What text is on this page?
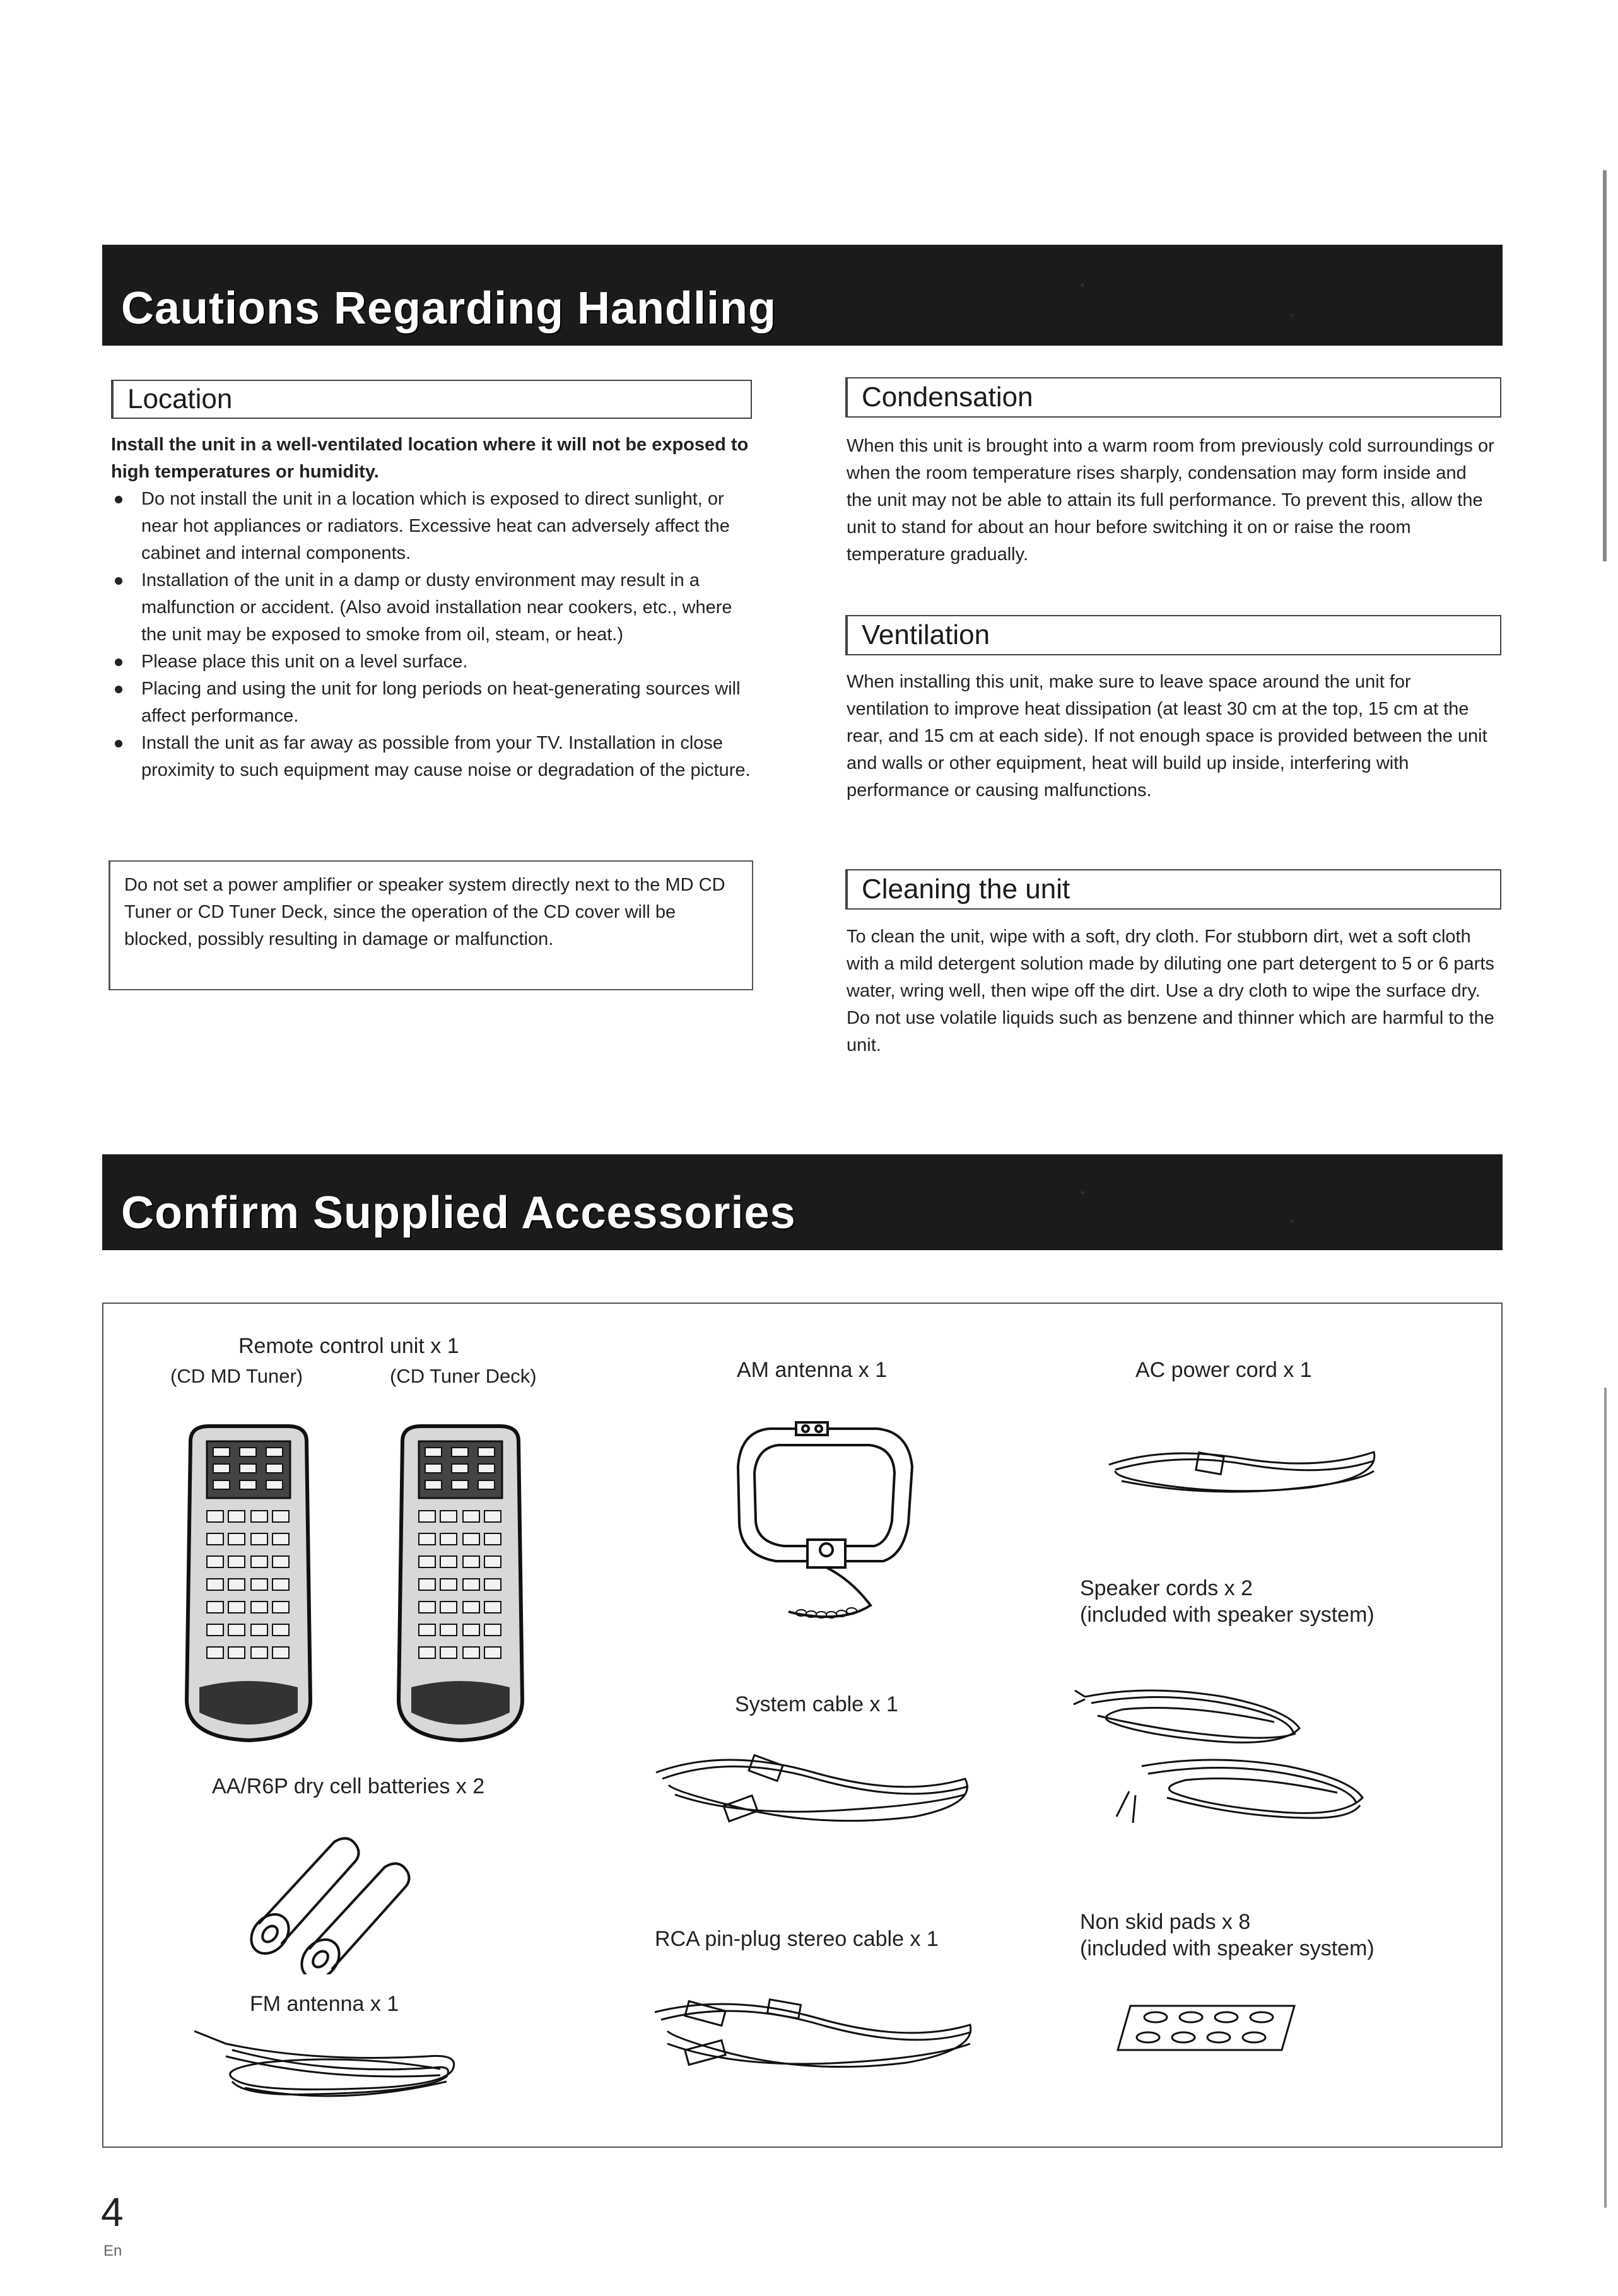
Cautions Regarding Handling
Location
Install the unit in a well-ventilated location where it will not be exposed to high temperatures or humidity.
Do not install the unit in a location which is exposed to direct sunlight, or near hot appliances or radiators. Excessive heat can adversely affect the cabinet and internal components.
Installation of the unit in a damp or dusty environment may result in a malfunction or accident. (Also avoid installation near cookers, etc., where the unit may be exposed to smoke from oil, steam, or heat.)
Please place this unit on a level surface.
Placing and using the unit for long periods on heat-generating sources will affect performance.
Install the unit as far away as possible from your TV. Installation in close proximity to such equipment may cause noise or degradation of the picture.
Do not set a power amplifier or speaker system directly next to the MD CD Tuner or CD Tuner Deck, since the operation of the CD cover will be blocked, possibly resulting in damage or malfunction.
Condensation
When this unit is brought into a warm room from previously cold surroundings or when the room temperature rises sharply, condensation may form inside and the unit may not be able to attain its full performance. To prevent this, allow the unit to stand for about an hour before switching it on or raise the room temperature gradually.
Ventilation
When installing this unit, make sure to leave space around the unit for ventilation to improve heat dissipation (at least 30 cm at the top, 15 cm at the rear, and 15 cm at each side). If not enough space is provided between the unit and walls or other equipment, heat will build up inside, interfering with performance or causing malfunctions.
Cleaning the unit
To clean the unit, wipe with a soft, dry cloth. For stubborn dirt, wet a soft cloth with a mild detergent solution made by diluting one part detergent to 5 or 6 parts water, wring well, then wipe off the dirt. Use a dry cloth to wipe the surface dry. Do not use volatile liquids such as benzene and thinner which are harmful to the unit.
Confirm Supplied Accessories
Remote control unit x 1
(CD MD Tuner)	(CD Tuner Deck)
AA/R6P dry cell batteries x 2
FM antenna x 1
AM antenna x 1
System cable x 1
RCA pin-plug stereo cable x 1
AC power cord x 1
Speaker cords x 2
(included with speaker system)
Non skid pads x 8
(included with speaker system)
4
En
